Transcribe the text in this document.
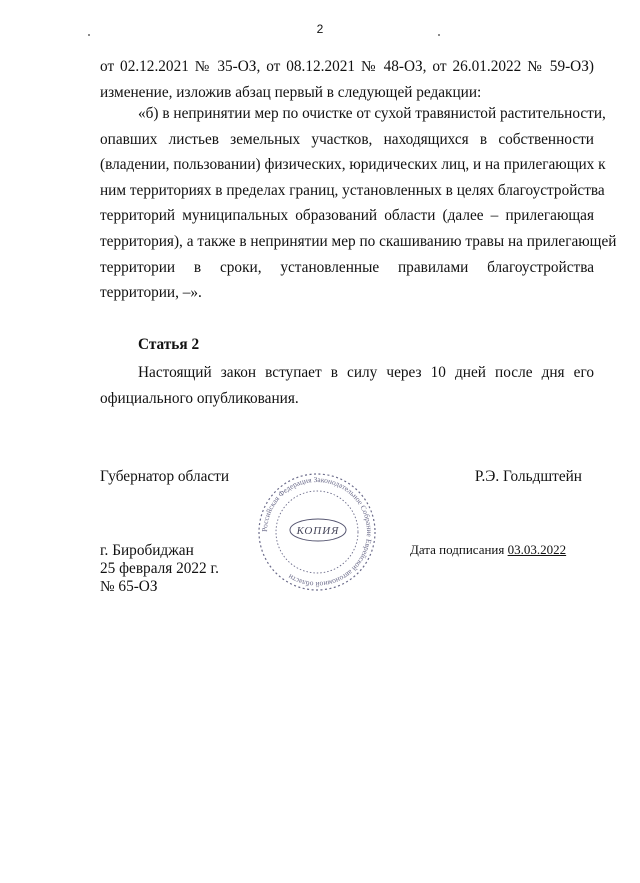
2
от 02.12.2021 № 35-ОЗ, от 08.12.2021 № 48-ОЗ, от 26.01.2022 № 59-ОЗ)
изменение, изложив абзац первый в следующей редакции:
«б) в непринятии мер по очистке от сухой травянистой растительности,
опавших листьев земельных участков, находящихся в собственности
(владении, пользовании) физических, юридических лиц, и на прилегающих к
ним территориях в пределах границ, установленных в целях благоустройства
территорий муниципальных образований области (далее – прилегающая
территория), а также в непринятии мер по скашиванию травы на прилегающей
территории в сроки, установленные правилами благоустройства
территории, –».
Статья 2
Настоящий закон вступает в силу через 10 дней после дня его
официального опубликования.
Губернатор области	Р.Э. Гольдштейн
г. Биробиджан
25 февраля 2022 г.
№ 65-ОЗ
Дата подписания 03.03.2022
Российская Федерация Законодательное Собрание Еврейской автономной области
КОПИЯ
